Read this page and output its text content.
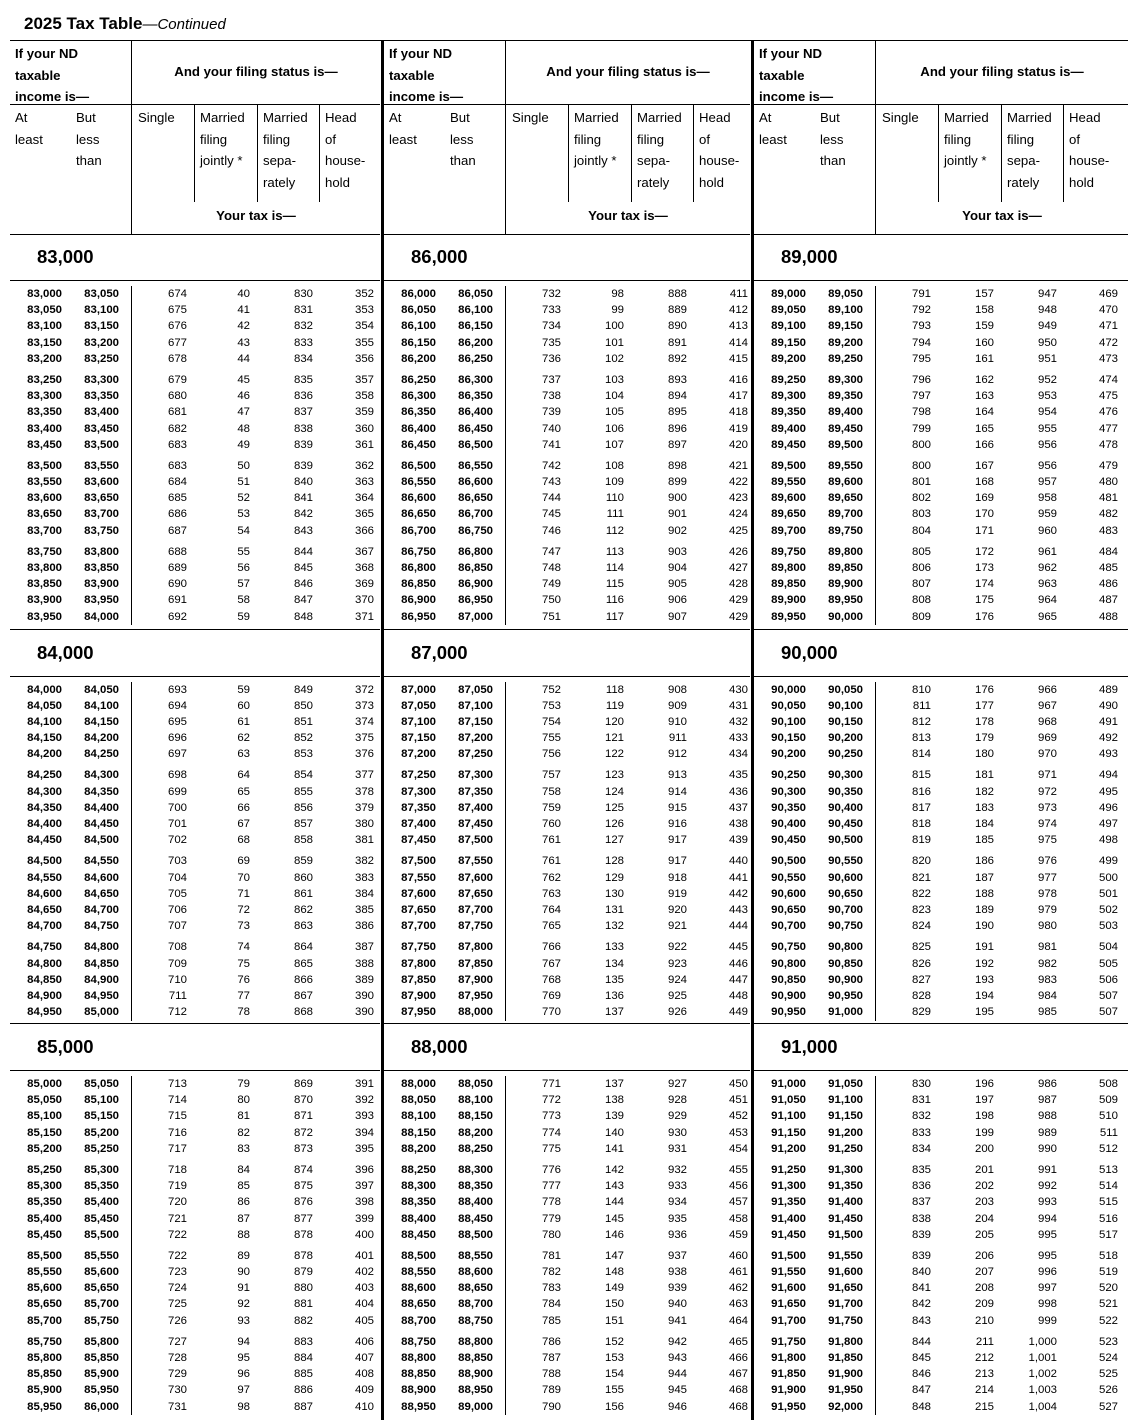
2025 Tax Table—Continued
If your ND
taxable
income is—
And your filing status is—
At
least
But
less
than
Single Married
filing
jointly *
Married
filing
sepa-
rately
Head
of
house-
hold
Your tax is—
83,000
83,000	83,050	674	40	830	352
83,050	83,100	675	41	831	353
83,100	83,150	676	42	832	354
83,150	83,200	677	43	833	355
83,200	83,250	678	44	834	356
83,250	83,300	679	45	835	357
83,300	83,350	680	46	836	358
83,350	83,400	681	47	837	359
83,400	83,450	682	48	838	360
83,450	83,500	683	49	839	361
83,500	83,550	683	50	839	362
83,550	83,600	684	51	840	363
83,600	83,650	685	52	841	364
83,650	83,700	686	53	842	365
83,700	83,750	687	54	843	366
83,750	83,800	688	55	844	367
83,800	83,850	689	56	845	368
83,850	83,900	690	57	846	369
83,900	83,950	691	58	847	370
83,950	84,000	692	59	848	371
84,000
84,000	84,050	693	59	849	372
84,050	84,100	694	60	850	373
84,100	84,150	695	61	851	374
84,150	84,200	696	62	852	375
84,200	84,250	697	63	853	376
84,250	84,300	698	64	854	377
84,300	84,350	699	65	855	378
84,350	84,400	700	66	856	379
84,400	84,450	701	67	857	380
84,450	84,500	702	68	858	381
84,500	84,550	703	69	859	382
84,550	84,600	704	70	860	383
84,600	84,650	705	71	861	384
84,650	84,700	706	72	862	385
84,700	84,750	707	73	863	386
84,750	84,800	708	74	864	387
84,800	84,850	709	75	865	388
84,850	84,900	710	76	866	389
84,900	84,950	711	77	867	390
84,950	85,000	712	78	868	390
85,000
85,000	85,050	713	79	869	391
85,050	85,100	714	80	870	392
85,100	85,150	715	81	871	393
85,150	85,200	716	82	872	394
85,200	85,250	717	83	873	395
85,250	85,300	718	84	874	396
85,300	85,350	719	85	875	397
85,350	85,400	720	86	876	398
85,400	85,450	721	87	877	399
85,450	85,500	722	88	878	400
85,500	85,550	722	89	878	401
85,550	85,600	723	90	879	402
85,600	85,650	724	91	880	403
85,650	85,700	725	92	881	404
85,700	85,750	726	93	882	405
85,750	85,800	727	94	883	406
85,800	85,850	728	95	884	407
85,850	85,900	729	96	885	408
85,900	85,950	730	97	886	409
85,950	86,000	731	98	887	410
If your ND
taxable
income is—
And your filing status is—
At
least
But
less
than
Single Married
filing
jointly *
Married
filing
sepa-
rately
Head
of
house-
hold
Your tax is—
86,000
86,000	86,050	732	98	888	411
86,050	86,100	733	99	889	412
86,100	86,150	734	100	890	413
86,150	86,200	735	101	891	414
86,200	86,250	736	102	892	415
86,250	86,300	737	103	893	416
86,300	86,350	738	104	894	417
86,350	86,400	739	105	895	418
86,400	86,450	740	106	896	419
86,450	86,500	741	107	897	420
86,500	86,550	742	108	898	421
86,550	86,600	743	109	899	422
86,600	86,650	744	110	900	423
86,650	86,700	745	111	901	424
86,700	86,750	746	112	902	425
86,750	86,800	747	113	903	426
86,800	86,850	748	114	904	427
86,850	86,900	749	115	905	428
86,900	86,950	750	116	906	429
86,950	87,000	751	117	907	429
87,000
87,000	87,050	752	118	908	430
87,050	87,100	753	119	909	431
87,100	87,150	754	120	910	432
87,150	87,200	755	121	911	433
87,200	87,250	756	122	912	434
87,250	87,300	757	123	913	435
87,300	87,350	758	124	914	436
87,350	87,400	759	125	915	437
87,400	87,450	760	126	916	438
87,450	87,500	761	127	917	439
87,500	87,550	761	128	917	440
87,550	87,600	762	129	918	441
87,600	87,650	763	130	919	442
87,650	87,700	764	131	920	443
87,700	87,750	765	132	921	444
87,750	87,800	766	133	922	445
87,800	87,850	767	134	923	446
87,850	87,900	768	135	924	447
87,900	87,950	769	136	925	448
87,950	88,000	770	137	926	449
88,000
88,000	88,050	771	137	927	450
88,050	88,100	772	138	928	451
88,100	88,150	773	139	929	452
88,150	88,200	774	140	930	453
88,200	88,250	775	141	931	454
88,250	88,300	776	142	932	455
88,300	88,350	777	143	933	456
88,350	88,400	778	144	934	457
88,400	88,450	779	145	935	458
88,450	88,500	780	146	936	459
88,500	88,550	781	147	937	460
88,550	88,600	782	148	938	461
88,600	88,650	783	149	939	462
88,650	88,700	784	150	940	463
88,700	88,750	785	151	941	464
88,750	88,800	786	152	942	465
88,800	88,850	787	153	943	466
88,850	88,900	788	154	944	467
88,900	88,950	789	155	945	468
88,950	89,000	790	156	946	468
If your ND
taxable
income is—
And your filing status is—
At
least
But
less
than
Single Married
filing
jointly *
Married
filing
sepa-
rately
Head
of
house-
hold
Your tax is—
89,000
89,000	89,050	791	157	947	469
89,050	89,100	792	158	948	470
89,100	89,150	793	159	949	471
89,150	89,200	794	160	950	472
89,200	89,250	795	161	951	473
89,250	89,300	796	162	952	474
89,300	89,350	797	163	953	475
89,350	89,400	798	164	954	476
89,400	89,450	799	165	955	477
89,450	89,500	800	166	956	478
89,500	89,550	800	167	956	479
89,550	89,600	801	168	957	480
89,600	89,650	802	169	958	481
89,650	89,700	803	170	959	482
89,700	89,750	804	171	960	483
89,750	89,800	805	172	961	484
89,800	89,850	806	173	962	485
89,850	89,900	807	174	963	486
89,900	89,950	808	175	964	487
89,950	90,000	809	176	965	488
90,000
90,000	90,050	810	176	966	489
90,050	90,100	811	177	967	490
90,100	90,150	812	178	968	491
90,150	90,200	813	179	969	492
90,200	90,250	814	180	970	493
90,250	90,300	815	181	971	494
90,300	90,350	816	182	972	495
90,350	90,400	817	183	973	496
90,400	90,450	818	184	974	497
90,450	90,500	819	185	975	498
90,500	90,550	820	186	976	499
90,550	90,600	821	187	977	500
90,600	90,650	822	188	978	501
90,650	90,700	823	189	979	502
90,700	90,750	824	190	980	503
90,750	90,800	825	191	981	504
90,800	90,850	826	192	982	505
90,850	90,900	827	193	983	506
90,900	90,950	828	194	984	507
90,950	91,000	829	195	985	507
91,000
91,000	91,050	830	196	986	508
91,050	91,100	831	197	987	509
91,100	91,150	832	198	988	510
91,150	91,200	833	199	989	511
91,200	91,250	834	200	990	512
91,250	91,300	835	201	991	513
91,300	91,350	836	202	992	514
91,350	91,400	837	203	993	515
91,400	91,450	838	204	994	516
91,450	91,500	839	205	995	517
91,500	91,550	839	206	995	518
91,550	91,600	840	207	996	519
91,600	91,650	841	208	997	520
91,650	91,700	842	209	998	521
91,700	91,750	843	210	999	522
91,750	91,800	844	211	1,000	523
91,800	91,850	845	212	1,001	524
91,850	91,900	846	213	1,002	525
91,900	91,950	847	214	1,003	526
91,950	92,000	848	215	1,004	527
